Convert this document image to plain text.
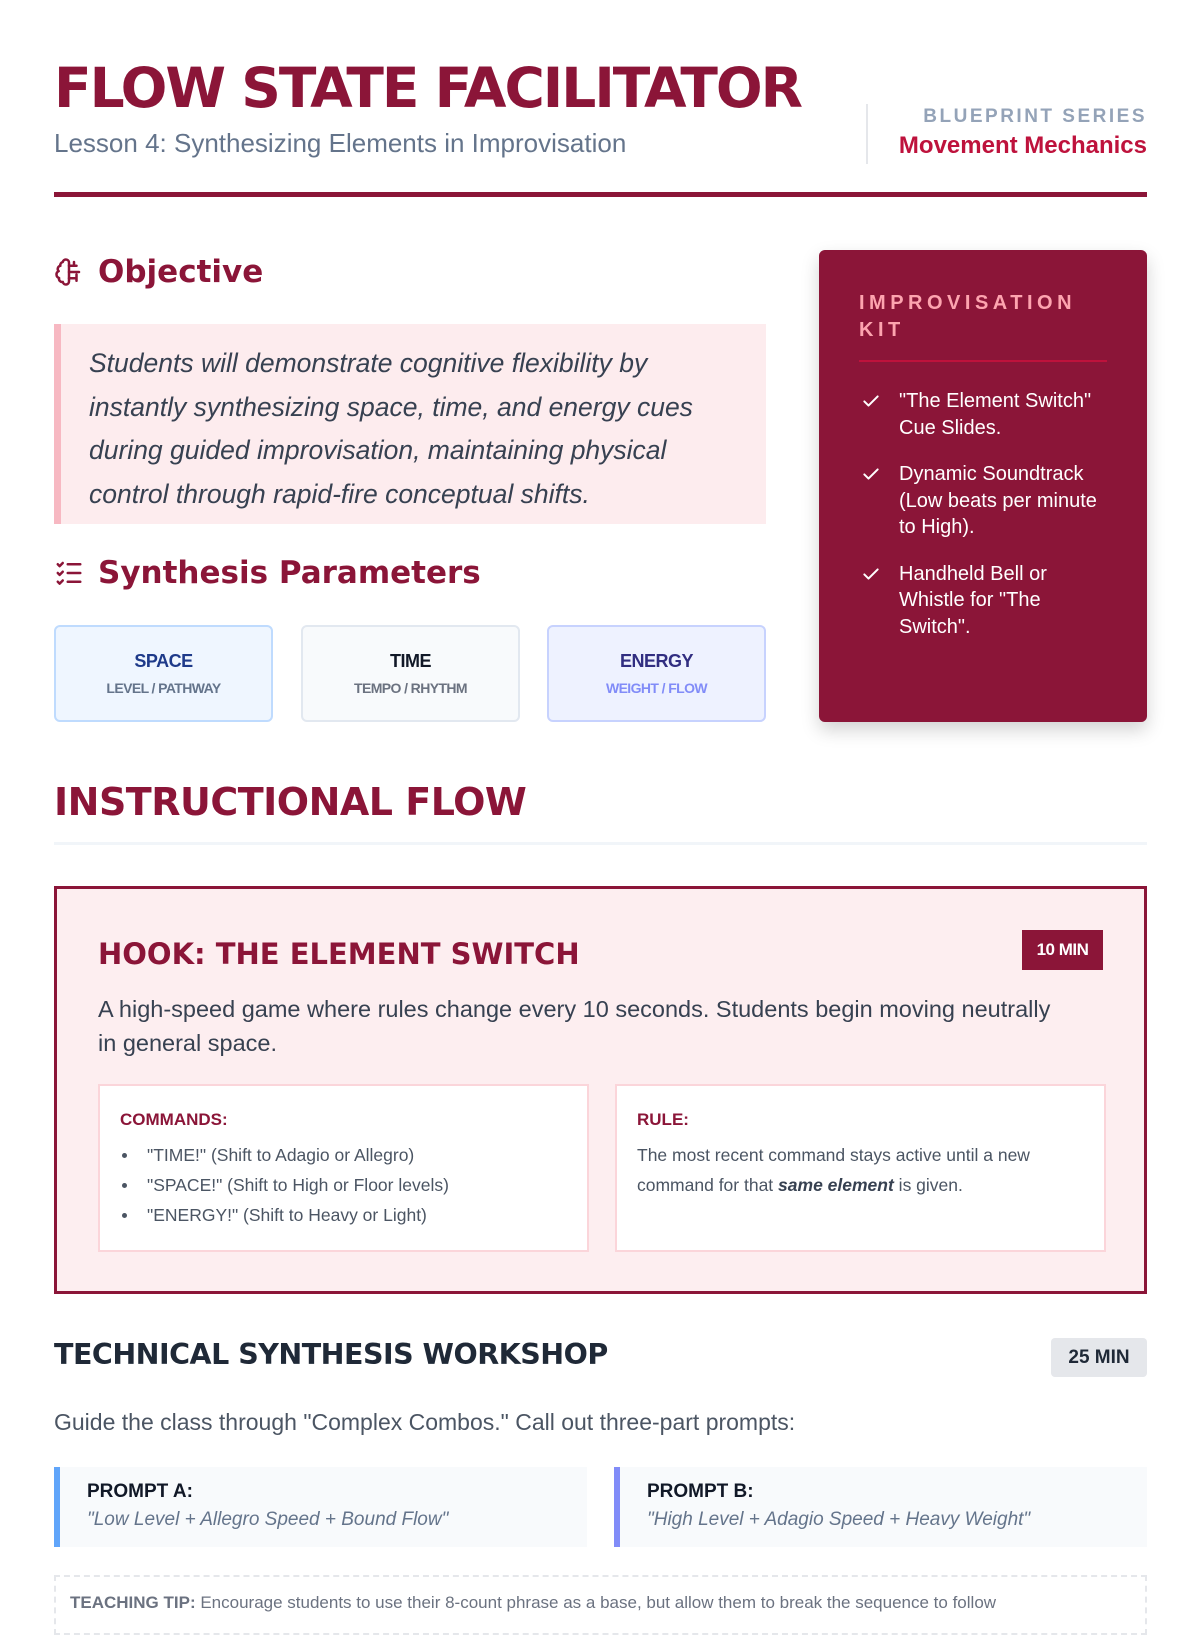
FLOW STATE FACILITATOR
Lesson 4: Synthesizing Elements in Improvisation
BLUEPRINT SERIES
Movement Mechanics
Objective

Students will demonstrate cognitive flexibility by instantly synthesizing space, time, and energy cues during guided improvisation, maintaining physical control through rapid-fire conceptual shifts.

Synthesis Parameters
SPACE
LEVEL / PATHWAY
TIME
TEMPO / RHYTHM
ENERGY
WEIGHT / FLOW
IMPROVISATION KIT
"The Element Switch" Cue Slides.
Dynamic Soundtrack (Low beats per minute to High).
Handheld Bell or Whistle for "The Switch".
INSTRUCTIONAL FLOW
HOOK: THE ELEMENT SWITCH	10 MIN

A high-speed game where rules change every 10 seconds. Students begin moving neutrally in general space.

COMMANDS:
"TIME!" (Shift to Adagio or Allegro)
"SPACE!" (Shift to High or Floor levels)
"ENERGY!" (Shift to Heavy or Light)
RULE:

The most recent command stays active until a new command for that same element is given.

TECHNICAL SYNTHESIS WORKSHOP	25 MIN
Guide the class through "Complex Combos." Call out three-part prompts:
PROMPT A:
"Low Level + Allegro Speed + Bound Flow"
PROMPT B:
"High Level + Adagio Speed + Heavy Weight"
TEACHING TIP: Encourage students to use their 8-count phrase as a base, but allow them to break the sequence to follow
